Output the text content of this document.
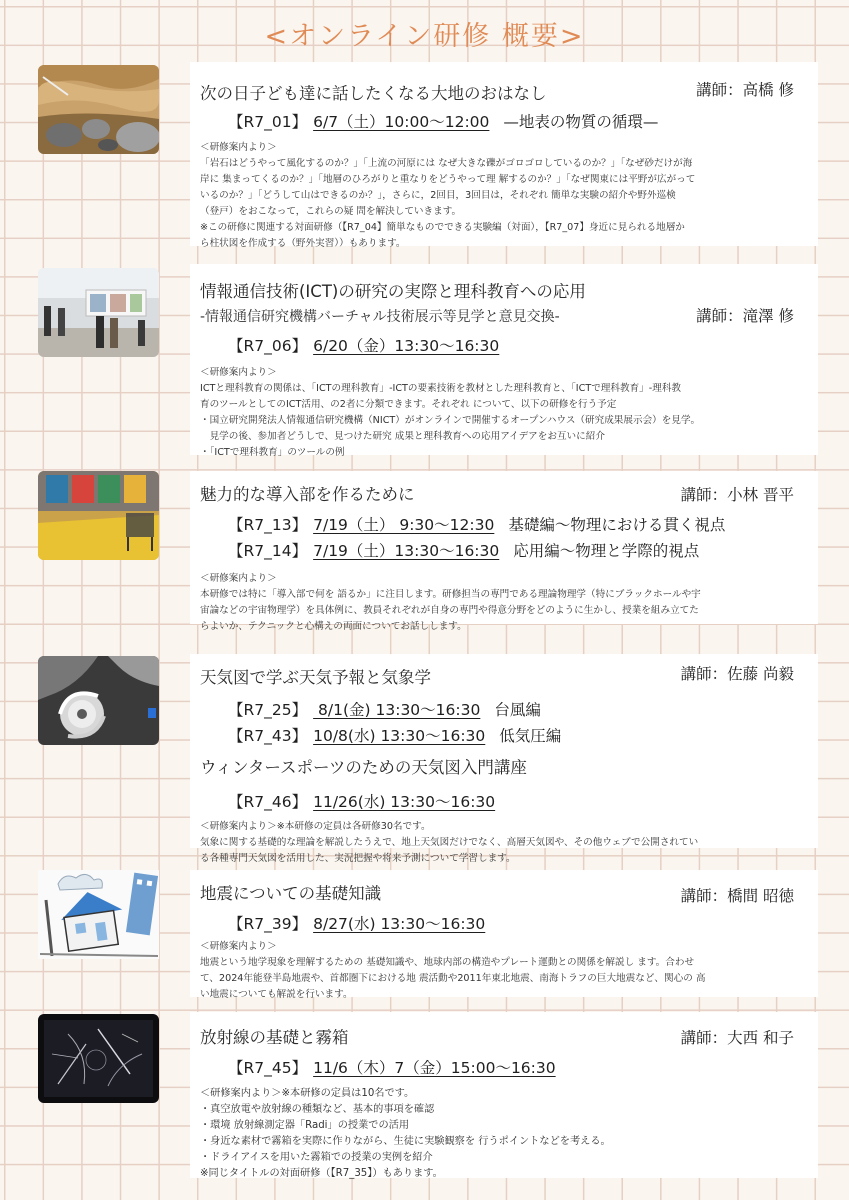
<オンライン研修 概要>
講師：高橋 修
次の日子ども達に話したくなる大地のおはなし
【R7_01】 6/7（土）10:00〜12:00 —地表の物質の循環—
＜研修案内より＞
「岩石はどうやって風化するのか？」「上流の河原には なぜ大きな礫がゴロゴロしているのか？」「なぜ砂だけが海
岸に 集まってくるのか？」「地層のひろがりと重なりをどうやって理 解するのか？」「なぜ関東には平野が広がって
いるのか？」「どうして山はできるのか？」，さらに，2回目，3回目は，それぞれ 簡単な実験の紹介や野外巡検
（登戸）をおこなって，これらの疑 問を解決していきます。
※この研修に関連する対面研修（【R7_04】簡単なものでできる実験編（対面），【R7_07】身近に見られる地層か
ら柱状図を作成する（野外実習））もあります。
講師：滝澤 修
情報通信技術(ICT)の研究の実際と理科教育への応用
-情報通信研究機構バーチャル技術展示等見学と意見交換-
【R7_06】 6/20（金）13:30〜16:30
＜研修案内より＞
ICTと理科教育の関係は、「ICTの理科教育」-ICTの要素技術を教材とした理科教育と、「ICTで理科教育」-理科教
育のツールとしてのICT活用、の2者に分類できます。それぞれ について、以下の研修を行う予定
・国立研究開発法人情報通信研究機構（NICT）がオンラインで開催するオープンハウス（研究成果展示会）を見学。
　見学の後、参加者どうしで、見つけた研究 成果と理科教育への応用アイデアをお互いに紹介
・「ICTで理科教育」のツールの例
講師：小林 晋平
魅力的な導入部を作るために
【R7_13】 7/19（土） 9:30〜12:30 基礎編〜物理における貫く視点
【R7_14】 7/19（土）13:30〜16:30 応用編〜物理と学際的視点
＜研修案内より＞
本研修では特に「導入部で何を 語るか」に注目します。研修担当の専門である理論物理学（特にブラックホールや宇
宙論などの宇宙物理学）を具体例に、教員それぞれが自身の専門や得意分野をどのように生かし、授業を組み立てた
らよいか、テクニックと心構えの両面についてお話しします。
講師：佐藤 尚毅
天気図で学ぶ天気予報と気象学
【R7_25】 8/1(金) 13:30〜16:30 台風編
【R7_43】 10/8(水) 13:30〜16:30 低気圧編
ウィンタースポーツのための天気図入門講座
【R7_46】 11/26(水) 13:30〜16:30
＜研修案内より＞※本研修の定員は各研修30名です。
気象に関する基礎的な理論を解説したうえで、地上天気図だけでなく、高層天気図や、その他ウェブで公開されてい
る各種専門天気図を活用した、実況把握や将来予測について学習します。
講師：橋間 昭徳
地震についての基礎知識
【R7_39】 8/27(水) 13:30〜16:30
＜研修案内より＞
地震という地学現象を理解するための 基礎知識や、地球内部の構造やプレート運動との関係を解説し ます。合わせ
て、2024年能登半島地震や、首都圏下における地 震活動や2011年東北地震、南海トラフの巨大地震など、関心の 高
い地震についても解説を行います。
講師：大西 和子
放射線の基礎と霧箱
【R7_45】 11/6（木）7（金）15:00〜16:30
＜研修案内より＞※本研修の定員は10名です。
・真空放電や放射線の種類など、基本的事項を確認
・環境 放射線測定器「Radi」の授業での活用
・身近な素材で霧箱を実際に作りながら、生徒に実験観察を 行うポイントなどを考える。
・ドライアイスを用いた霧箱での授業の実例を紹介
※同じタイトルの対面研修（【R7_35】）もあります。
